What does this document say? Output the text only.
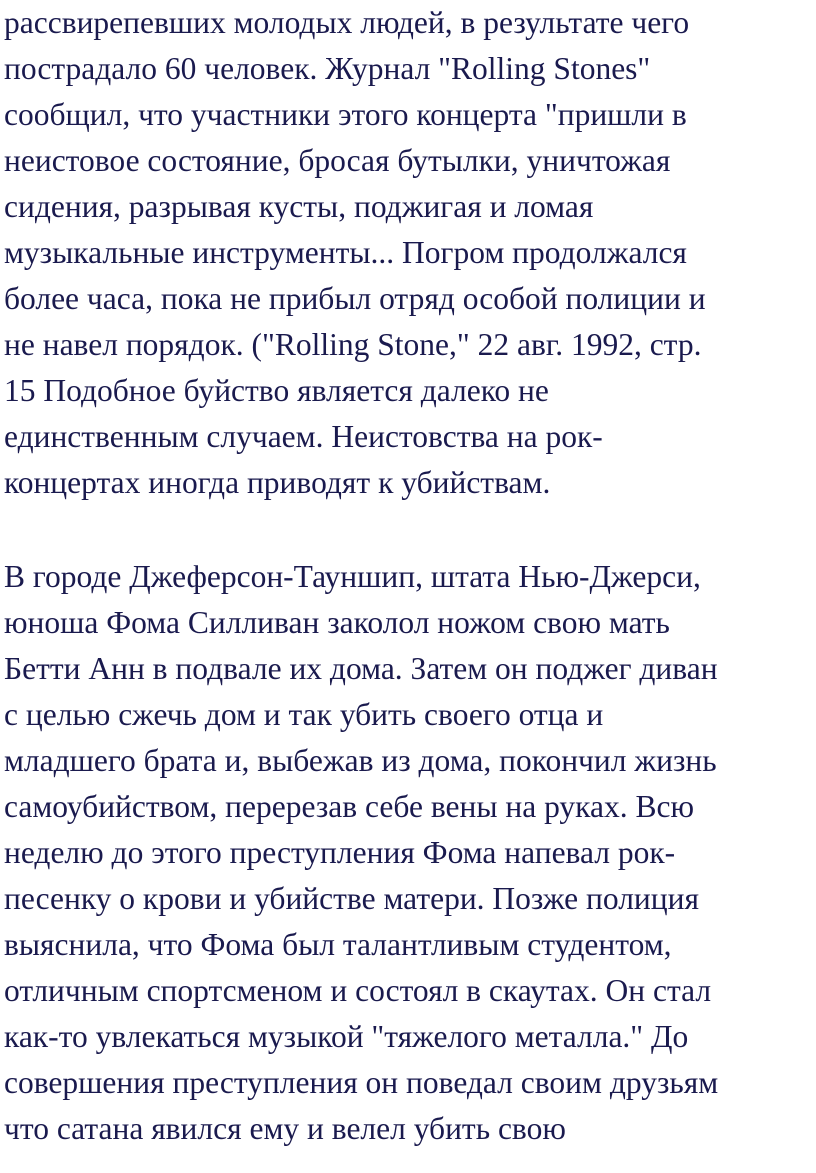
рассвирепевших молодых людей, в результате чего

пострадало 60 человек. Журнал "Rolling Stones"

сообщил, что участники этого концерта "пришли в

неистовое состояние, бросая бутылки, уничтожая

сидения, разрывая кусты, поджигая и ломая

музыкальные инструменты... Погром продолжался

более часа, пока не прибыл отряд особой полиции и

не навел порядок. ("Rolling Stone," 22 авг. 1992, стр.

15 Подобное буйство является далеко не

единственным случаем. Неистовства на рок-

концертах иногда приводят к убийствам.

В городе Джеферсон-Тауншип, штата Нью-Джерси,

юноша Фома Силливан заколол ножом свою мать

Бетти Анн в подвале их дома. Затем он поджег диван

с целью сжечь дом и так убить своего отца и

младшего брата и, выбежав из дома, покончил жизнь

самоубийством, перерезав себе вены на руках. Всю

неделю до этого преступления Фома напевал рок-

песенку о крови и убийстве матери. Позже полиция

выяснила, что Фома был талантливым студентом,

отличным спортсменом и состоял в скаутах. Он стал

как-то увлекаться музыкой "тяжелого металла." До

совершения преступления он поведал своим друзьям

что сатана явился ему и велел убить свою
